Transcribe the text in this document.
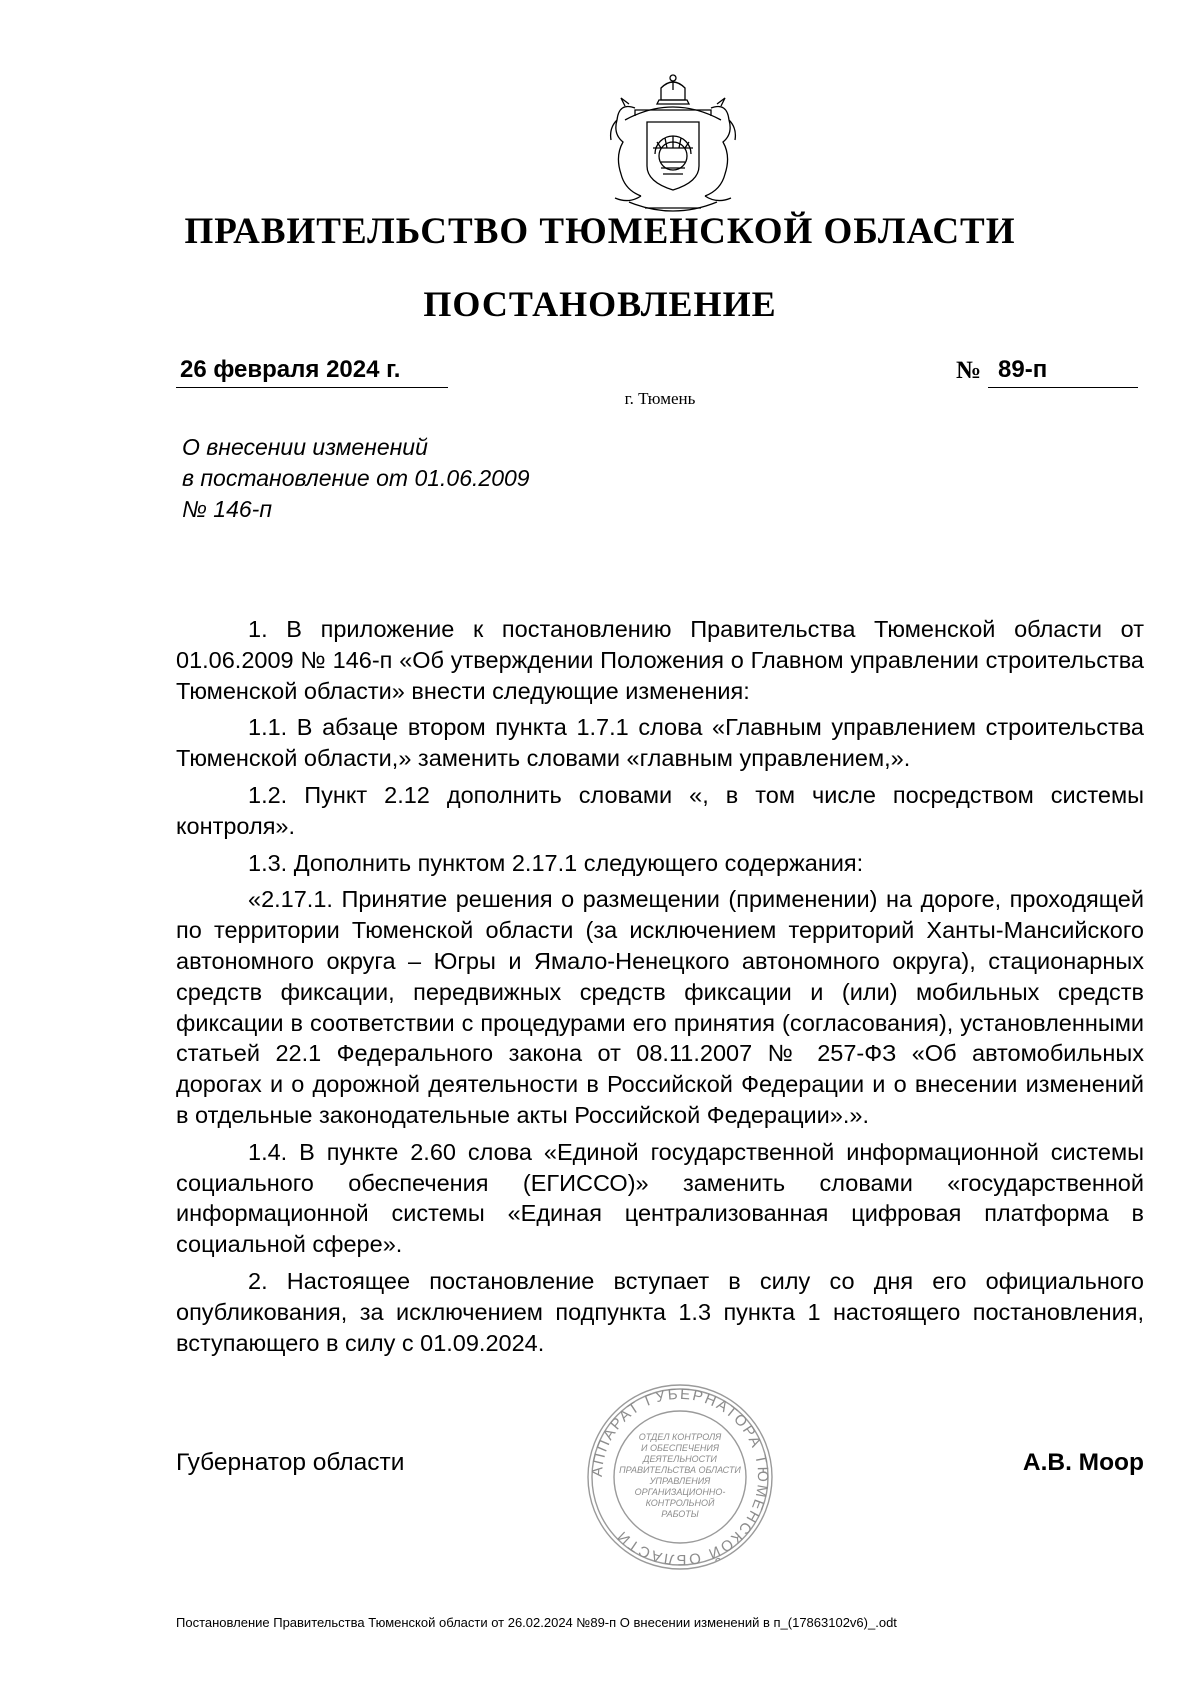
ПРАВИТЕЛЬСТВО ТЮМЕНСКОЙ ОБЛАСТИ
ПОСТАНОВЛЕНИЕ
26 февраля 2024 г.	№ 89-п
г. Тюмень
О внесении изменений
в постановление от 01.06.2009
№ 146-п

1. В приложение к постановлению Правительства Тюменской области от 01.06.2009 № 146-п «Об утверждении Положения о Главном управлении строительства Тюменской области» внести следующие изменения:

1.1. В абзаце втором пункта 1.7.1 слова «Главным управлением строительства Тюменской области,» заменить словами «главным управлением,».

1.2. Пункт 2.12 дополнить словами «, в том числе посредством системы контроля».

1.3. Дополнить пунктом 2.17.1 следующего содержания:

«2.17.1. Принятие решения о размещении (применении) на дороге, проходящей по территории Тюменской области (за исключением территорий Ханты-Мансийского автономного округа – Югры и Ямало-Ненецкого автономного округа), стационарных средств фиксации, передвижных средств фиксации и (или) мобильных средств фиксации в соответствии с процедурами его принятия (согласования), установленными статьей 22.1 Федерального закона от 08.11.2007 № 257-ФЗ «Об автомобильных дорогах и о дорожной деятельности в Российской Федерации и о внесении изменений в отдельные законодательные акты Российской Федерации».».

1.4. В пункте 2.60 слова «Единой государственной информационной системы социального обеспечения (ЕГИССО)» заменить словами «государственной информационной системы «Единая централизованная цифровая платформа в социальной сфере».

2. Настоящее постановление вступает в силу со дня его официального опубликования, за исключением подпункта 1.3 пункта 1 настоящего постановления, вступающего в силу с 01.09.2024.

АППАРАТ ГУБЕРНАТОРА ТЮМЕНСКОЙ ОБЛАСТИ
ОТДЕЛ КОНТРОЛЯ
И ОБЕСПЕЧЕНИЯ
ДЕЯТЕЛЬНОСТИ
ПРАВИТЕЛЬСТВА ОБЛАСТИ
УПРАВЛЕНИЯ
ОРГАНИЗАЦИОННО-
КОНТРОЛЬНОЙ
РАБОТЫ
Губернатор области	А.В. Моор
Постановление Правительства Тюменской области от 26.02.2024 №89-п О внесении изменений в п_(17863102v6)_.odt
